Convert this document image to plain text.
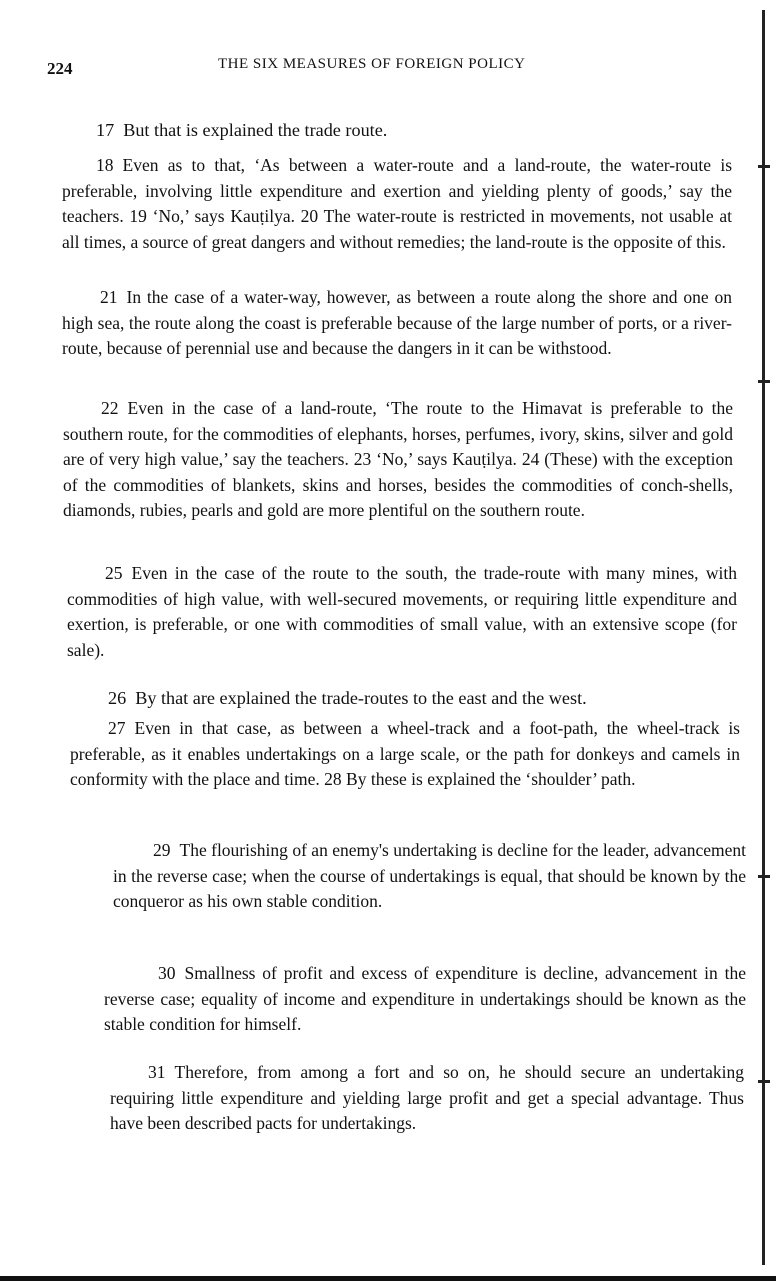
224	THE SIX MEASURES OF FOREIGN POLICY

17 But that is explained the trade route.

18 Even as to that, ‘As between a water-route and a land-route, the water-route is preferable, involving little expenditure and exertion and yielding plenty of goods,’ say the teachers. 19 ‘No,’ says Kauṭilya. 20 The water-route is restricted in movements, not usable at all times, a source of great dangers and without remedies; the land-route is the opposite of this.

21 In the case of a water-way, however, as between a route along the shore and one on high sea, the route along the coast is preferable because of the large number of ports, or a river-route, because of perennial use and because the dangers in it can be withstood.

22 Even in the case of a land-route, ‘The route to the Himavat is preferable to the southern route, for the commodities of elephants, horses, perfumes, ivory, skins, silver and gold are of very high value,’ say the teachers. 23 ‘No,’ says Kauṭilya. 24 (These) with the exception of the commodities of blankets, skins and horses, besides the commodities of conch-shells, diamonds, rubies, pearls and gold are more plentiful on the southern route.

25 Even in the case of the route to the south, the trade-route with many mines, with commodities of high value, with well-secured movements, or requiring little expenditure and exertion, is preferable, or one with commodities of small value, with an extensive scope (for sale).

26 By that are explained the trade-routes to the east and the west.

27 Even in that case, as between a wheel-track and a foot-path, the wheel-track is preferable, as it enables undertakings on a large scale, or the path for donkeys and camels in conformity with the place and time. 28 By these is explained the ‘shoulder’ path.

29 The flourishing of an enemy's undertaking is decline for the leader, advancement in the reverse case; when the course of undertakings is equal, that should be known by the conqueror as his own stable condition.

30 Smallness of profit and excess of expenditure is decline, advancement in the reverse case; equality of income and expenditure in undertakings should be known as the stable condition for himself.

31 Therefore, from among a fort and so on, he should secure an undertaking requiring little expenditure and yielding large profit and get a special advantage. Thus have been described pacts for undertakings.
